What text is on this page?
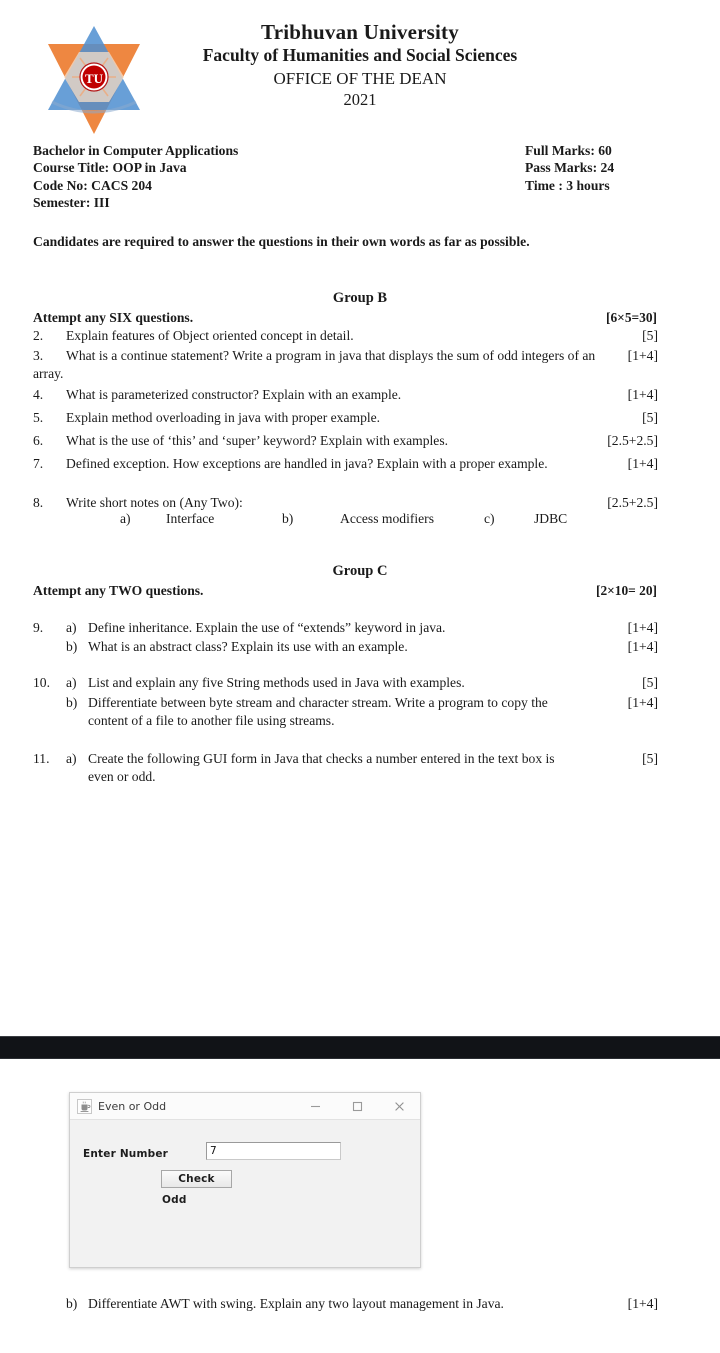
TU
Tribhuvan University
Faculty of Humanities and Social Sciences
OFFICE OF THE DEAN
2021
Bachelor in Computer Applications
Course Title: OOP in Java
Code No: CACS 204
Semester: III
Full Marks: 60
Pass Marks: 24
Time : 3 hours
Candidates are required to answer the questions in their own words as far as possible.
Group B
Attempt any SIX questions.	[6×5=30]
2.	Explain features of Object oriented concept in detail.	[5]
3.	What is a continue statement? Write a program in java that displays the sum of odd integers of an array.
[1+4]
4.	What is parameterized constructor? Explain with an example.	[1+4]
5.	Explain method overloading in java with proper example.	[5]
6.	What is the use of ‘this’ and ‘super’ keyword? Explain with examples.	[2.5+2.5]
7.	Defined exception. How exceptions are handled in java? Explain with a proper example.	[1+4]
8.	Write short notes on (Any Two):	[2.5+2.5]
a)	Interface	b)	Access modifiers	c)	JDBC
Group C
Attempt any TWO questions.	[2×10= 20]
9.	a) Define inheritance. Explain the use of “extends” keyword in java.	[1+4]
b) What is an abstract class? Explain its use with an example.	[1+4]
10.	a) List and explain any five String methods used in Java with examples.	[5]
b) Differentiate between byte stream and character stream. Write a program to copy the content of a file to another file using streams.
[1+4]
11.	a) Create the following GUI form in Java that checks a number entered in the text box is even or odd.
[5]
Even or Odd
Enter Number
7
Check
Odd
b) Differentiate AWT with swing. Explain any two layout management in Java.	[1+4]
